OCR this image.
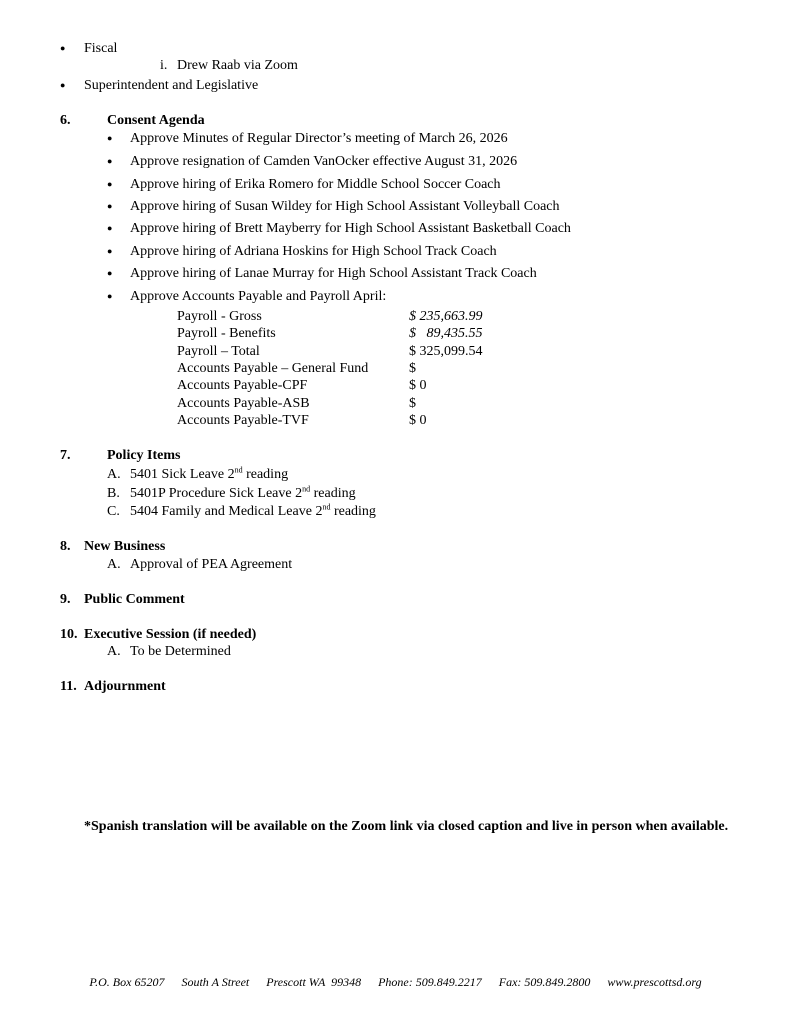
● Fiscal
i. Drew Raab via Zoom
● Superintendent and Legislative
6.	Consent Agenda
● Approve Minutes of Regular Director’s meeting of March 26, 2026
● Approve resignation of Camden VanOcker effective August 31, 2026
● Approve hiring of Erika Romero for Middle School Soccer Coach
● Approve hiring of Susan Wildey for High School Assistant Volleyball Coach
● Approve hiring of Brett Mayberry for High School Assistant Basketball Coach
● Approve hiring of Adriana Hoskins for High School Track Coach
● Approve hiring of Lanae Murray for High School Assistant Track Coach
● Approve Accounts Payable and Payroll April:
Payroll - Gross	$ 235,663.99
Payroll - Benefits	$   89,435.55
Payroll – Total	$ 325,099.54
Accounts Payable – General Fund	$
Accounts Payable-CPF	$ 0
Accounts Payable-ASB	$
Accounts Payable-TVF	$ 0
7.	Policy Items
A. 5401 Sick Leave 2nd reading
B. 5401P Procedure Sick Leave 2nd reading
C. 5404 Family and Medical Leave 2nd reading
8. New Business
A. Approval of PEA Agreement
9. Public Comment
10. Executive Session (if needed)
A. To be Determined
11. Adjournment
*Spanish translation will be available on the Zoom link via closed caption and live in person when available.
P.O. Box 65207 South A Street Prescott WA  99348 Phone: 509.849.2217 Fax: 509.849.2800 www.prescottsd.org
